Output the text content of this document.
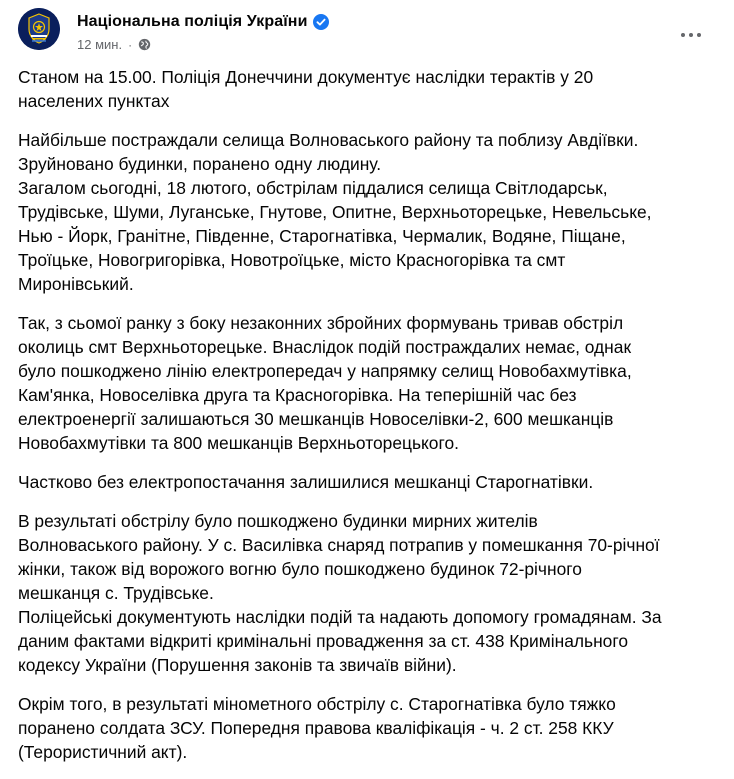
Національна поліція України
12 мин. ·

Станом на 15.00. Поліція Донеччини документує наслідки терактів у 20
населених пунктах

Найбільше постраждали селища Волноваського району та поблизу Авдіївки.
Зруйновано будинки, поранено одну людину.
Загалом сьогодні, 18 лютого, обстрілам піддалися селища Світлодарськ,
Трудівське, Шуми, Луганське, Гнутове, Опитне, Верхньоторецьке, Невельське,
Нью - Йорк, Гранітне, Південне, Старогнатівка, Чермалик, Водяне, Піщане,
Троїцьке, Новогригорівка, Новотроїцьке, місто Красногорівка та смт
Миронівський.

Так, з сьомої ранку з боку незаконних збройних формувань тривав обстріл
околиць смт Верхньоторецьке. Внаслідок подій постраждалих немає, однак
було пошкоджено лінію електропередач у напрямку селищ Новобахмутівка,
Кам'янка, Новоселівка друга та Красногорівка. На теперішній час без
електроенергії залишаються 30 мешканців Новоселівки-2, 600 мешканців
Новобахмутівки та 800 мешканців Верхньоторецького.

Частково без електропостачання залишилися мешканці Старогнатівки.

В результаті обстрілу було пошкоджено будинки мирних жителів
Волноваського району. У с. Василівка снаряд потрапив у помешкання 70-річної
жінки, також від ворожого вогню було пошкоджено будинок 72-річного
мешканця с. Трудівське.
Поліцейські документують наслідки подій та надають допомогу громадянам. За
даним фактами відкриті кримінальні провадження за ст. 438 Кримінального
кодексу України (Порушення законів та звичаїв війни).

Окрім того, в результаті мінометного обстрілу с. Старогнатівка було тяжко
поранено солдата ЗСУ. Попередня правова кваліфікація - ч. 2 ст. 258 ККУ
(Терористичний акт).
